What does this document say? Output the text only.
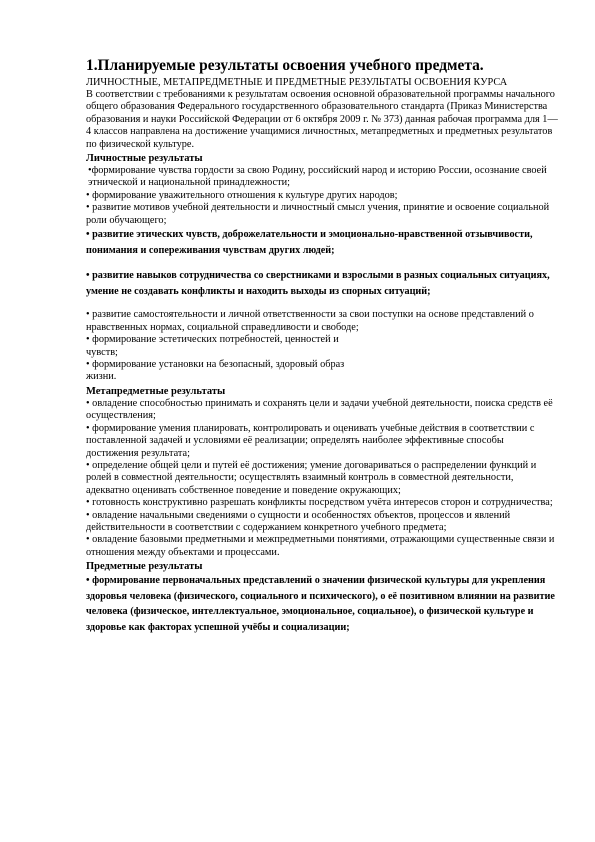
1.Планируемые результаты освоения учебного предмета.
ЛИЧНОСТНЫЕ, МЕТАПРЕДМЕТНЫЕ И ПРЕДМЕТНЫЕ РЕЗУЛЬТАТЫ ОСВОЕНИЯ КУРСА
В соответствии с требованиями к результатам освоения основной образовательной программы начального общего образования Федерального государственного образовательного стандарта (Приказ Министерства образования и науки Российской Федерации от 6 октября 2009 г. № 373) данная рабочая программа для 1—4 классов направлена на достижение учащимися личностных, метапредметных и предметных результатов по физической культуре.
Личностные результаты
•формирование чувства гордости за свою Родину, российский народ и историю России, осознание своей этнической и национальной принадлежности;
• формирование уважительного отношения к культуре других народов;
• развитие мотивов учебной деятельности и личностный смысл учения, принятие и освоение социальной роли обучающего;
• развитие этических чувств, доброжелательности и эмоционально-нравственной отзывчивости, понимания и сопереживания чувствам других людей;
• развитие навыков сотрудничества со сверстниками и взрослыми в разных социальных ситуациях, умение не создавать конфликты и находить выходы из спорных ситуаций;
• развитие самостоятельности и личной ответственности за свои поступки на основе представлений о нравственных нормах, социальной справедливости и свободе;
• формирование эстетических потребностей, ценностей и
чувств;
• формирование установки на безопасный, здоровый образ
жизни.
Метапредметные результаты
• овладение способностью принимать и сохранять цели и задачи учебной деятельности, поиска средств её осуществления;
• формирование умения планировать, контролировать и оценивать учебные действия в соответствии с поставленной задачей и условиями её реализации; определять наиболее эффективные способы достижения результата;
• определение общей цели и путей её достижения; умение договариваться о распределении функций и ролей в совместной деятельности; осуществлять взаимный контроль в совместной деятельности, адекватно оценивать собственное поведение и поведение окружающих;
• готовность конструктивно разрешать конфликты посредством учёта интересов сторон и сотрудничества;
• овладение начальными сведениями о сущности и особенностях объектов, процессов и явлений действительности в соответствии с содержанием конкретного учебного предмета;
• овладение базовыми предметными и межпредметными понятиями, отражающими существенные связи и отношения между объектами и процессами.
Предметные результаты
• формирование первоначальных представлений о значении физической культуры для укрепления здоровья человека (физического, социального и психического), о её позитивном влиянии на развитие человека (физическое, интеллектуальное, эмоциональное, социальное), о физической культуре и здоровье как факторах успешной учёбы и социализации;
